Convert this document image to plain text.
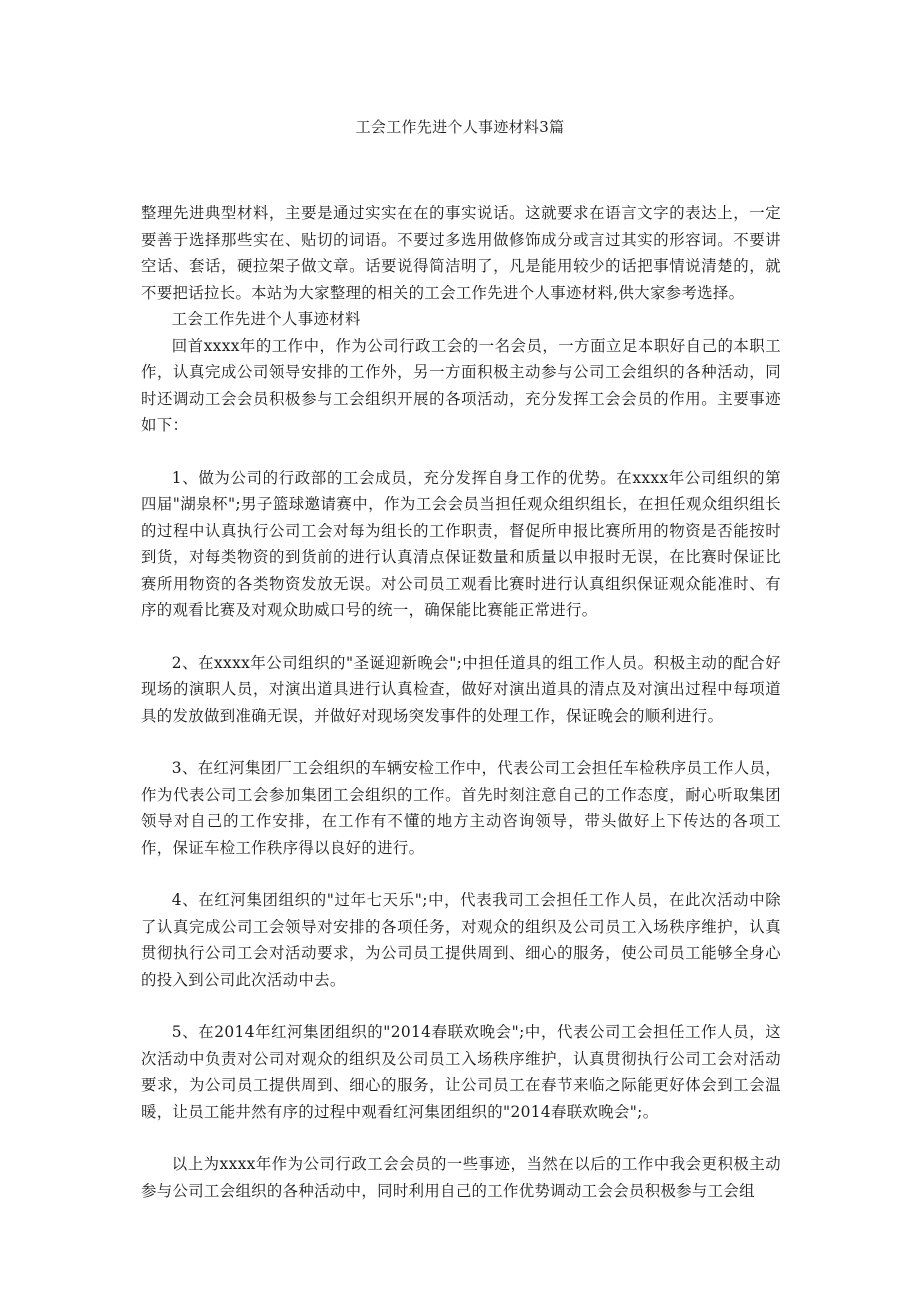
工会工作先进个人事迹材料3篇

整理先进典型材料，主要是通过实实在在的事实说话。这就要求在语言文字的表达上，一定要善于选择那些实在、贴切的词语。不要过多选用做修饰成分或言过其实的形容词。不要讲空话、套话，硬拉架子做文章。话要说得简洁明了，凡是能用较少的话把事情说清楚的，就不要把话拉长。本站为大家整理的相关的工会工作先进个人事迹材料,供大家参考选择。

工会工作先进个人事迹材料

回首xxxx年的工作中，作为公司行政工会的一名会员，一方面立足本职好自己的本职工作，认真完成公司领导安排的工作外，另一方面积极主动参与公司工会组织的各种活动，同时还调动工会会员积极参与工会组织开展的各项活动，充分发挥工会会员的作用。主要事迹如下：

1、做为公司的行政部的工会成员，充分发挥自身工作的优势。在xxxx年公司组织的第四届"湖泉杯";男子篮球邀请赛中，作为工会会员当担任观众组织组长，在担任观众组织组长的过程中认真执行公司工会对每为组长的工作职责，督促所申报比赛所用的物资是否能按时到货，对每类物资的到货前的进行认真清点保证数量和质量以申报时无误，在比赛时保证比赛所用物资的各类物资发放无误。对公司员工观看比赛时进行认真组织保证观众能准时、有序的观看比赛及对观众助威口号的统一，确保能比赛能正常进行。

2、在xxxx年公司组织的"圣诞迎新晚会";中担任道具的组工作人员。积极主动的配合好现场的演职人员，对演出道具进行认真检查，做好对演出道具的清点及对演出过程中每项道具的发放做到准确无误，并做好对现场突发事件的处理工作，保证晚会的顺利进行。

3、在红河集团厂工会组织的车辆安检工作中，代表公司工会担任车检秩序员工作人员，作为代表公司工会参加集团工会组织的工作。首先时刻注意自己的工作态度，耐心听取集团领导对自己的工作安排，在工作有不懂的地方主动咨询领导，带头做好上下传达的各项工作，保证车检工作秩序得以良好的进行。

4、在红河集团组织的"过年七天乐";中，代表我司工会担任工作人员，在此次活动中除了认真完成公司工会领导对安排的各项任务，对观众的组织及公司员工入场秩序维护，认真贯彻执行公司工会对活动要求，为公司员工提供周到、细心的服务，使公司员工能够全身心的投入到公司此次活动中去。

5、在2014年红河集团组织的"2014春联欢晚会";中，代表公司工会担任工作人员，这次活动中负责对公司对观众的组织及公司员工入场秩序维护，认真贯彻执行公司工会对活动要求，为公司员工提供周到、细心的服务，让公司员工在春节来临之际能更好体会到工会温暖，让员工能井然有序的过程中观看红河集团组织的"2014春联欢晚会";。

以上为xxxx年作为公司行政工会会员的一些事迹，当然在以后的工作中我会更积极主动参与公司工会组织的各种活动中，同时利用自己的工作优势调动工会会员积极参与工会组
